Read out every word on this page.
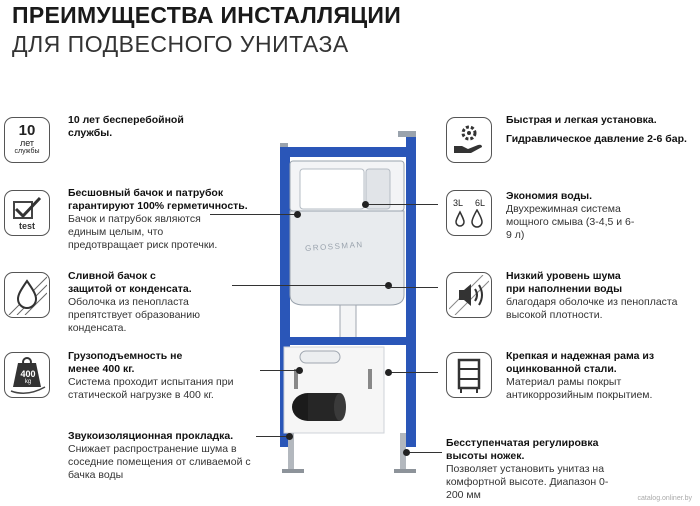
ПРЕИМУЩЕСТВА ИНСТАЛЛЯЦИИ
ДЛЯ ПОДВЕСНОГО УНИТАЗА
GROSSMAN
10
лет
службы
test
400
kg
3L 6L
10 лет бесперебойной службы.
Бесшовный бачок и патрубок гарантируют 100% герметичность.
Бачок и патрубок являются единым целым, что предотвращает риск протечки.
Сливной бачок с защитой от конденсата.
Оболочка из пенопласта препятствует образованию конденсата.
Грузоподъемность не менее 400 кг.
Система проходит испытания при статической нагрузке в 400 кг.
Звукоизоляционная прокладка.
Снижает распространение шума в соседние помещения от сливаемой с бачка воды
Быстрая и легкая установка.
Гидравлическое давление 2-6 бар.
Экономия воды.
Двухрежимная система мощного смыва (3-4,5 и 6-9 л)
Низкий уровень шума при наполнении воды
благодаря оболочке из пенопласта высокой плотности.
Крепкая и надежная рама из оцинкованной стали.
Материал рамы покрыт антикоррозийным покрытием.
Бесступенчатая регулировка высоты ножек.
Позволяет установить унитаз на комфортной высоте. Диапазон 0-200 мм	catalog.onliner.by
